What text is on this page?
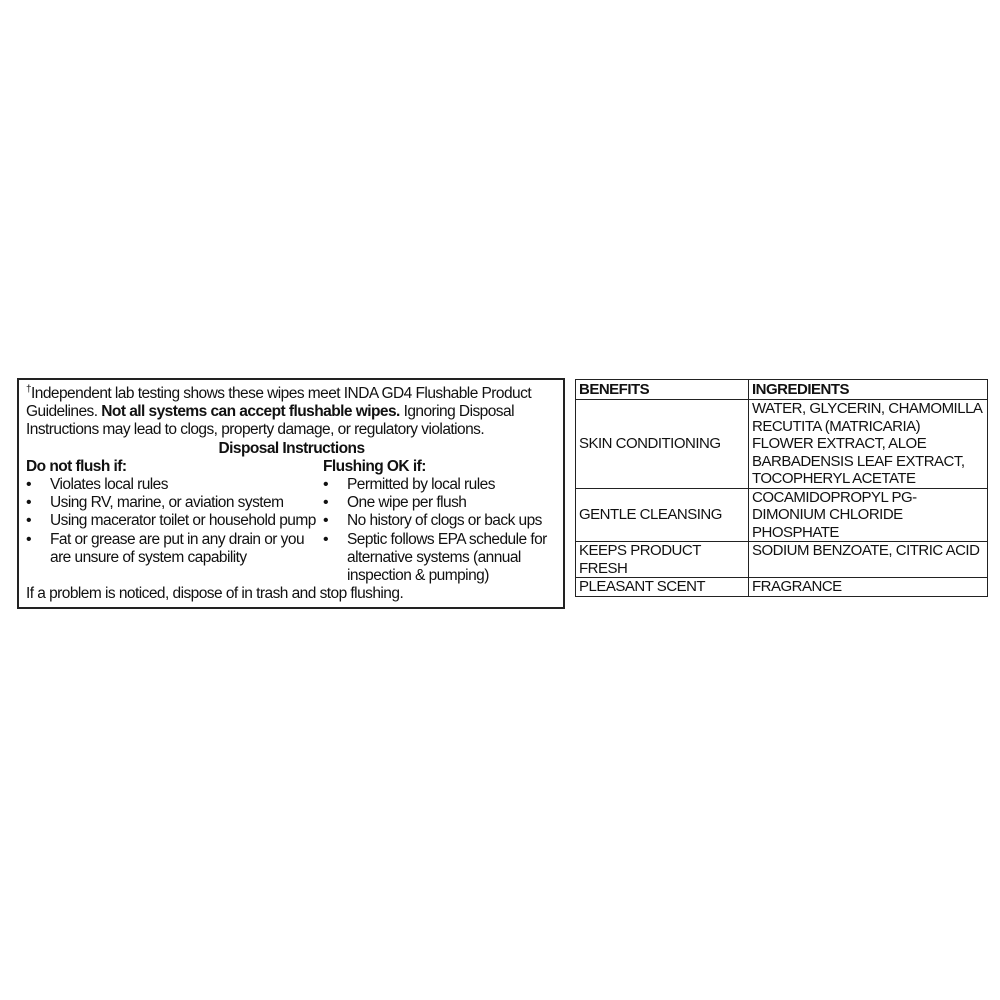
†Independent lab testing shows these wipes meet INDA GD4 Flushable Product Guidelines. Not all systems can accept flushable wipes. Ignoring Disposal Instructions may lead to clogs, property damage, or regulatory violations.

Disposal Instructions

Do not flush if:
• Violates local rules
• Using RV, marine, or aviation system
• Using macerator toilet or household pump
• Fat or grease are put in any drain or you are unsure of system capability
Flushing OK if:
• Permitted by local rules
• One wipe per flush
• No history of clogs or back ups
• Septic follows EPA schedule for alternative systems (annual inspection & pumping)

If a problem is noticed, dispose of in trash and stop flushing.

BENEFITS	INGREDIENTS
SKIN CONDITIONING	WATER, GLYCERIN, CHAMOMILLA RECUTITA (MATRICARIA) FLOWER EXTRACT, ALOE BARBADENSIS LEAF EXTRACT, TOCOPHERYL ACETATE
GENTLE CLEANSING	COCAMIDOPROPYL PG-DIMONIUM CHLORIDE PHOSPHATE
KEEPS PRODUCT FRESH	SODIUM BENZOATE, CITRIC ACID
PLEASANT SCENT	FRAGRANCE
